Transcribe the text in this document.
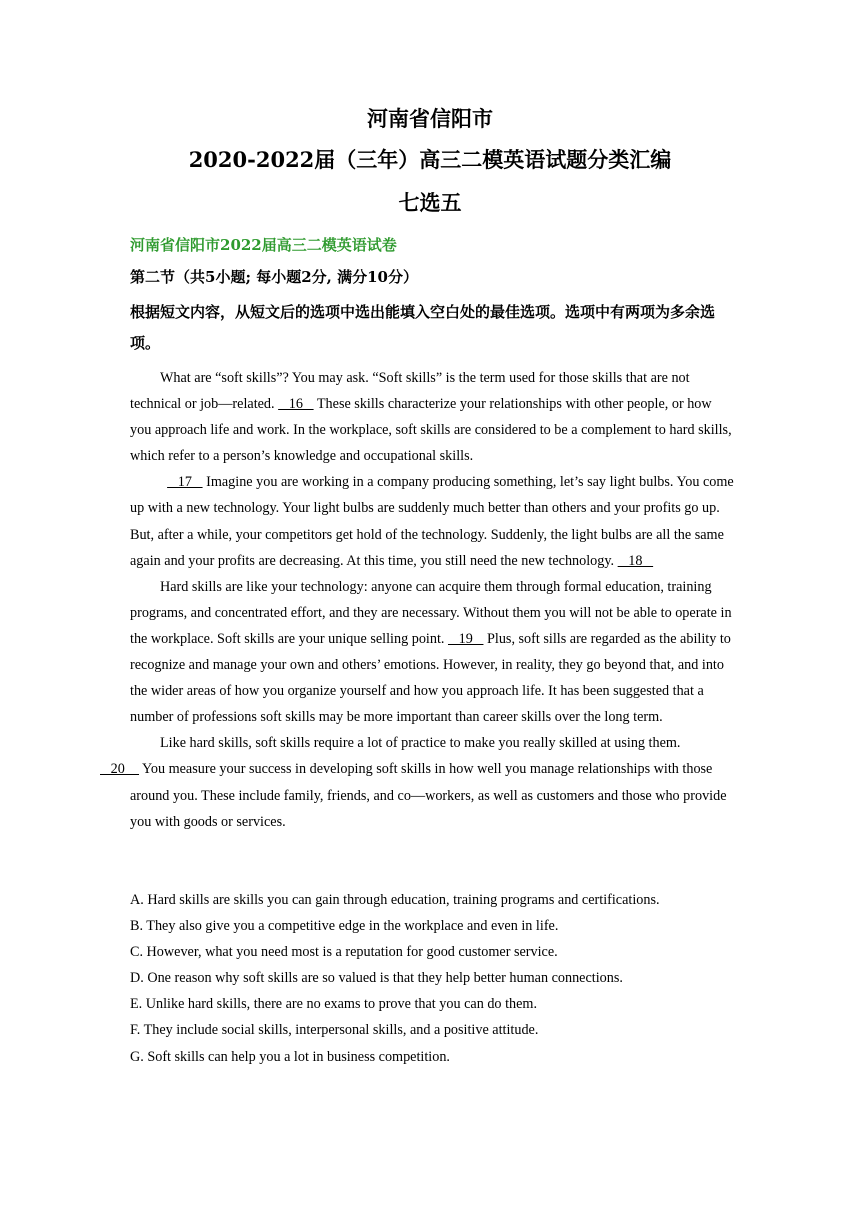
河南省信阳市
2020-2022届（三年）高三二模英语试题分类汇编
七选五
河南省信阳市2022届高三二模英语试卷
第二节（共5小题; 每小题2分, 满分10分）
根据短文内容，从短文后的选项中选出能填入空白处的最佳选项。选项中有两项为多余选项。

What are “soft skills”? You may ask. “Soft skills” is the term used for those skills that are not technical or job—related.    16    These skills characterize your relationships with other people, or how you approach life and work. In the workplace, soft skills are considered to be a complement to hard skills, which refer to a person’s knowledge and occupational skills.

17    Imagine you are working in a company producing something, let’s say light bulbs. You come up with a new technology. Your light bulbs are suddenly much better than others and your profits go up. But, after a while, your competitors get hold of the technology. Suddenly, the light bulbs are all the same again and your profits are decreasing. At this time, you still need the new technology.    18

Hard skills are like your technology: anyone can acquire them through formal education, training programs, and concentrated effort, and they are necessary. Without them you will not be able to operate in the workplace. Soft skills are your unique selling point.    19    Plus, soft sills are regarded as the ability to recognize and manage your own and others’ emotions. However, in reality, they go beyond that, and into the wider areas of how you organize yourself and how you approach life. It has been suggested that a number of professions soft skills may be more important than career skills over the long term.

Like hard skills, soft skills require a lot of practice to make you really skilled at using them.
20     You measure your success in developing soft skills in how well you manage relationships with those around you. These include family, friends, and co—workers, as well as customers and those who provide you with goods or services.

A. Hard skills are skills you can gain through education, training programs and certifications.
B. They also give you a competitive edge in the workplace and even in life.
C. However, what you need most is a reputation for good customer service.
D. One reason why soft skills are so valued is that they help better human connections.
E. Unlike hard skills, there are no exams to prove that you can do them.
F. They include social skills, interpersonal skills, and a positive attitude.
G. Soft skills can help you a lot in business competition.
